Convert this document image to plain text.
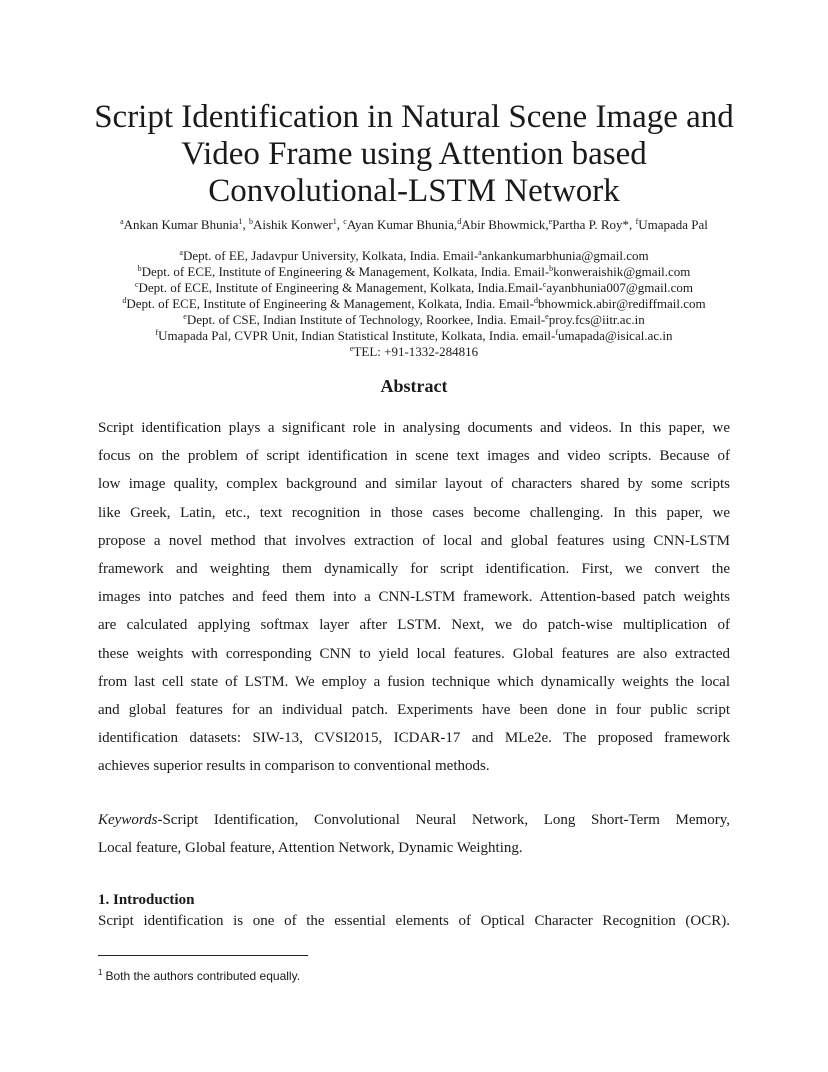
Script Identification in Natural Scene Image and
Video Frame using Attention based
Convolutional-LSTM Network
$^a$Ankan Kumar Bhunia$^1$, $^b$Aishik Konwer$^1$, $^c$Ayan Kumar Bhunia,$^d$Abir Bhowmick,$^e$Partha P. Roy*, $^f$Umapada Pal
$^a$Dept. of EE, Jadavpur University, Kolkata, India. Email-$^a$ankankumarbhunia@gmail.com
$^b$Dept. of ECE, Institute of Engineering & Management, Kolkata, India. Email-$^b$konweraishik@gmail.com
$^c$Dept. of ECE, Institute of Engineering & Management, Kolkata, India.Email-$^c$ayanbhunia007@gmail.com
$^d$Dept. of ECE, Institute of Engineering & Management, Kolkata, India. Email-$^d$bhowmick.abir@rediffmail.com
$^e$Dept. of CSE, Indian Institute of Technology, Roorkee, India. Email-$^e$proy.fcs@iitr.ac.in
$^f$Umapada Pal, CVPR Unit, Indian Statistical Institute, Kolkata, India. email-$^f$umapada@isical.ac.in
$^e$TEL: +91-1332-284816
Abstract
Script identification plays a significant role in analysing documents and videos. In this paper, we
focus on the problem of script identification in scene text images and video scripts. Because of
low image quality, complex background and similar layout of characters shared by some scripts
like Greek, Latin, etc., text recognition in those cases become challenging. In this paper, we
propose a novel method that involves extraction of local and global features using CNN-LSTM
framework and weighting them dynamically for script identification. First, we convert the
images into patches and feed them into a CNN-LSTM framework. Attention-based patch weights
are calculated applying softmax layer after LSTM. Next, we do patch-wise multiplication of
these weights with corresponding CNN to yield local features. Global features are also extracted
from last cell state of LSTM. We employ a fusion technique which dynamically weights the local
and global features for an individual patch. Experiments have been done in four public script
identification datasets: SIW-13, CVSI2015, ICDAR-17 and MLe2e. The proposed framework
achieves superior results in comparison to conventional methods.
Keywords-Script Identification, Convolutional Neural Network, Long Short-Term Memory,
Local feature, Global feature, Attention Network, Dynamic Weighting.
1. Introduction

Script identification is one of the essential elements of Optical Character Recognition (OCR).

$^1$ Both the authors contributed equally.
